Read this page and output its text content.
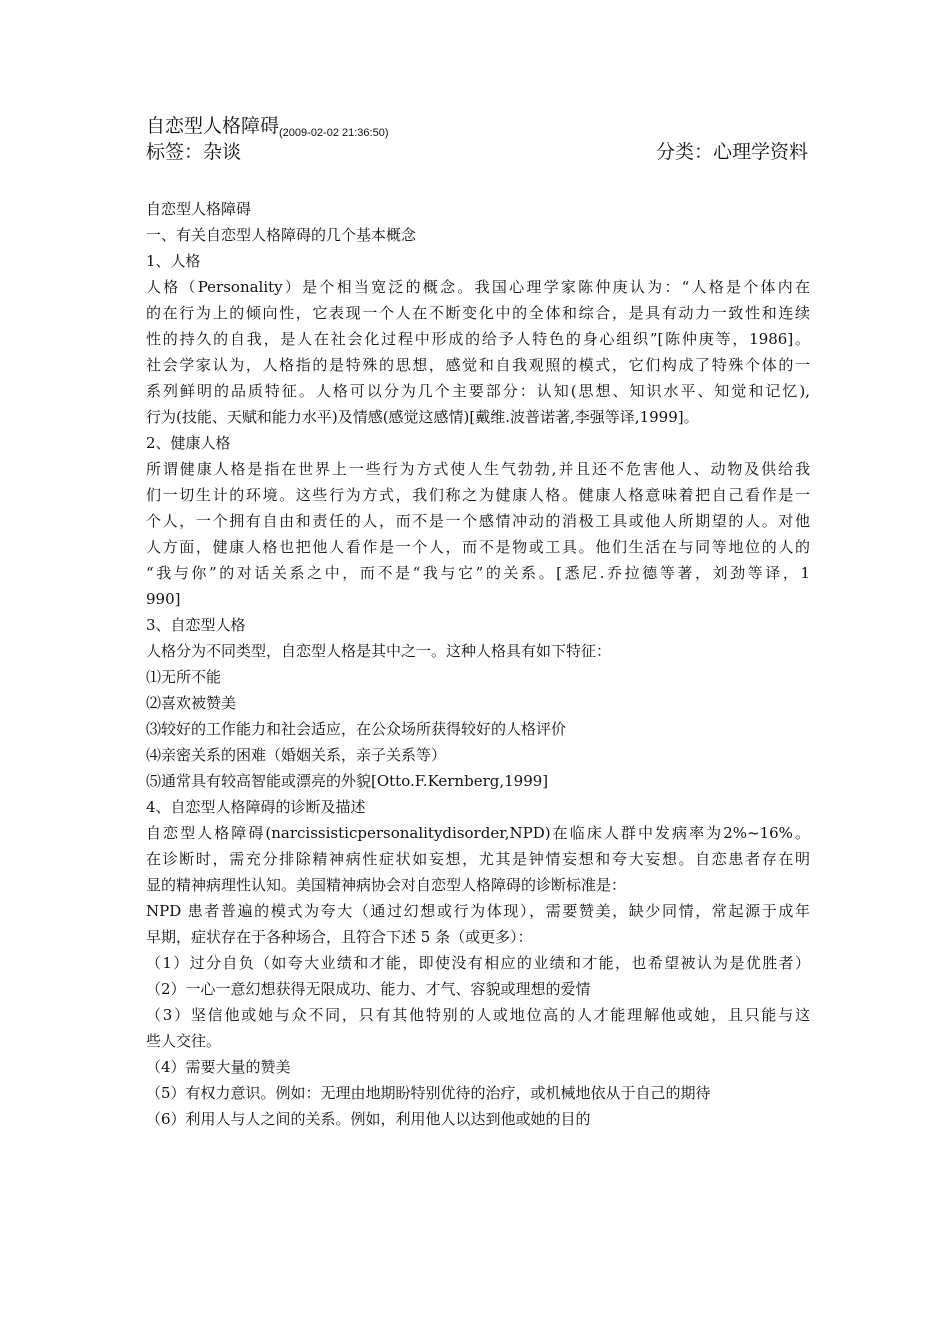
自恋型人格障碍$_{(2009-02-02 21:36:50)}$
标签：杂谈	分类：心理学资料
自恋型人格障碍
一、有关自恋型人格障碍的几个基本概念
1、人格
人格（Personality）是个相当宽泛的概念。我国心理学家陈仲庚认为：“人格是个体内在
的在行为上的倾向性，它表现一个人在不断变化中的全体和综合，是具有动力一致性和连续
性的持久的自我，是人在社会化过程中形成的给予人特色的身心组织”[陈仲庚等，1986]。
社会学家认为，人格指的是特殊的思想，感觉和自我观照的模式，它们构成了特殊个体的一
系列鲜明的品质特征。人格可以分为几个主要部分：认知(思想、知识水平、知觉和记忆),
行为(技能、天赋和能力水平)及情感(感觉这感情)[戴维.波普诺著,李强等译,1999]。
2、健康人格
所谓健康人格是指在世界上一些行为方式使人生气勃勃,并且还不危害他人、动物及供给我
们一切生计的环境。这些行为方式，我们称之为健康人格。健康人格意味着把自己看作是一
个人，一个拥有自由和责任的人，而不是一个感情冲动的消极工具或他人所期望的人。对他
人方面，健康人格也把他人看作是一个人，而不是物或工具。他们生活在与同等地位的人的
“我与你”的对话关系之中，而不是“我与它”的关系。[悉尼.乔拉德等著，刘劲等译，1
990]
3、自恋型人格
人格分为不同类型，自恋型人格是其中之一。这种人格具有如下特征：
⑴无所不能
⑵喜欢被赞美
⑶较好的工作能力和社会适应，在公众场所获得较好的人格评价
⑷亲密关系的困难（婚姻关系，亲子关系等）
⑸通常具有较高智能或漂亮的外貌[Otto.F.Kernberg,1999]
4、自恋型人格障碍的诊断及描述
自恋型人格障碍(narcissisticpersonalitydisorder,NPD)在临床人群中发病率为2%~16%。
在诊断时，需充分排除精神病性症状如妄想，尤其是钟情妄想和夸大妄想。自恋患者存在明
显的精神病理性认知。美国精神病协会对自恋型人格障碍的诊断标准是：
NPD 患者普遍的模式为夸大（通过幻想或行为体现），需要赞美，缺少同情，常起源于成年
早期，症状存在于各种场合，且符合下述 5 条（或更多）：
（1）过分自负（如夸大业绩和才能，即使没有相应的业绩和才能，也希望被认为是优胜者）
（2）一心一意幻想获得无限成功、能力、才气、容貌或理想的爱情
（3）坚信他或她与众不同，只有其他特别的人或地位高的人才能理解他或她，且只能与这
些人交往。
（4）需要大量的赞美
（5）有权力意识。例如：无理由地期盼特别优待的治疗，或机械地依从于自己的期待
（6）利用人与人之间的关系。例如，利用他人以达到他或她的目的
